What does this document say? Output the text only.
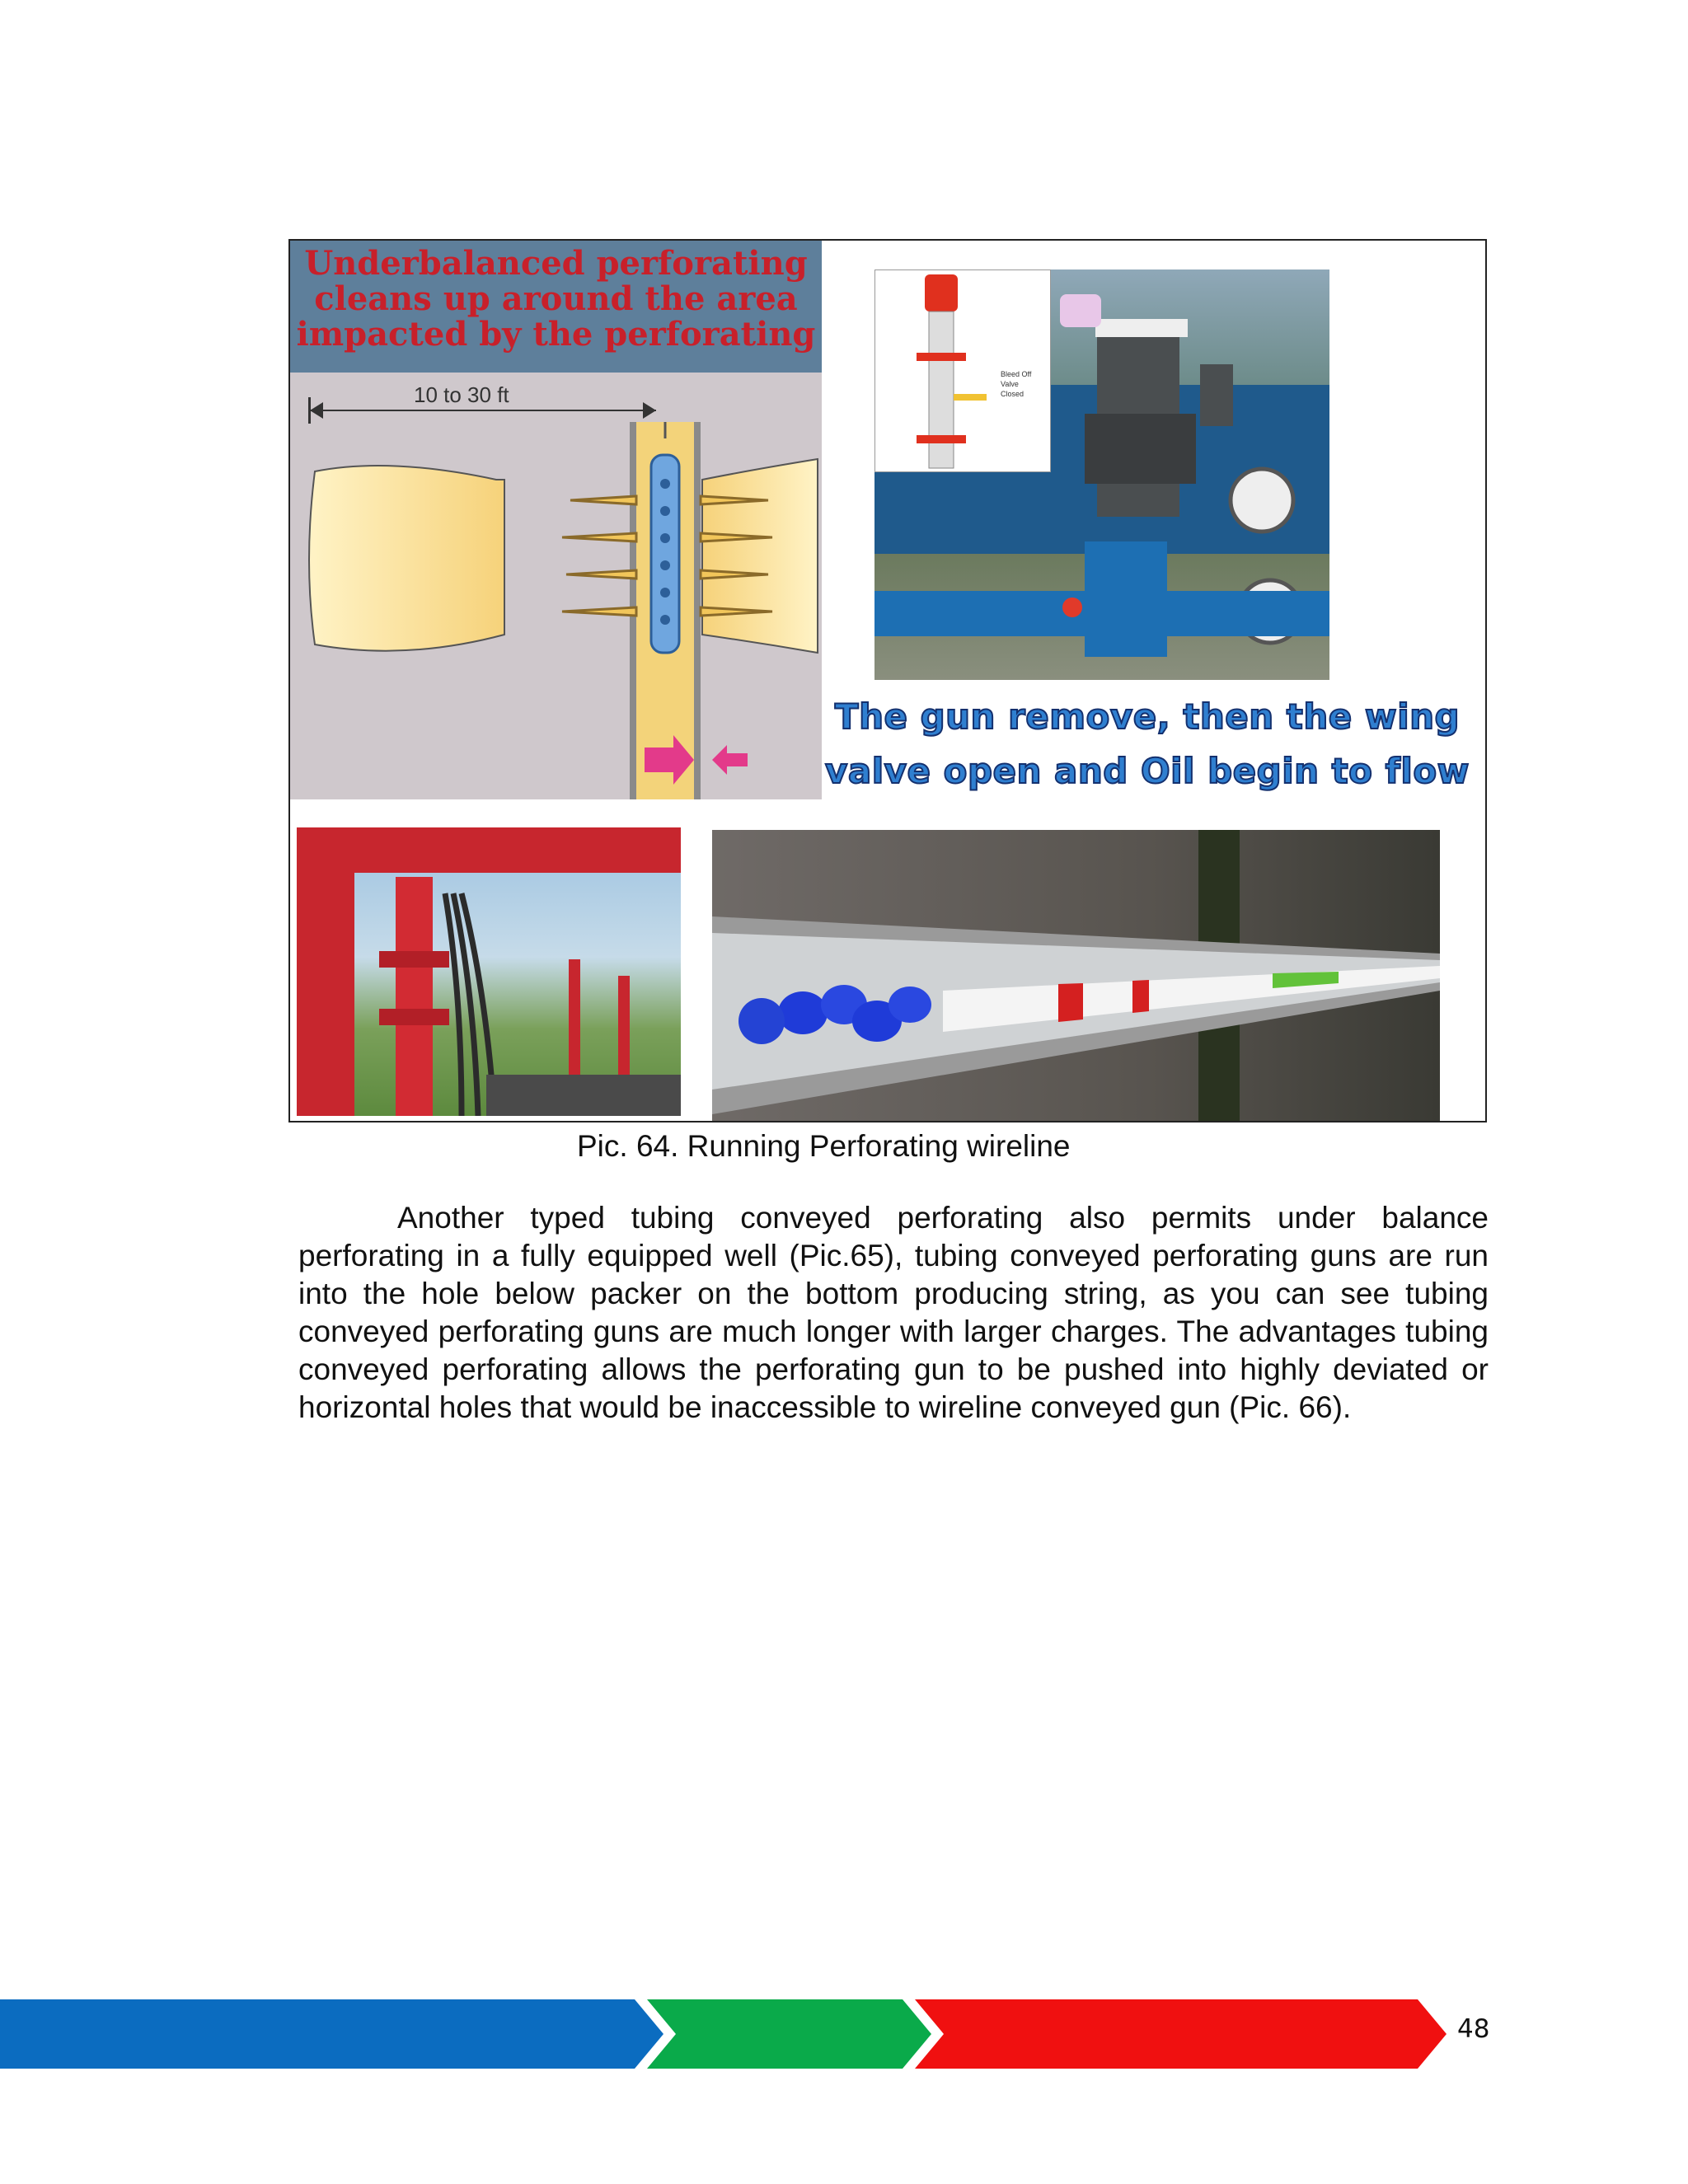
Underbalanced perforating
cleans up around the area
impacted by the perforating
10 to 30 ft
Bleed Off
Valve
Closed
The gun remove, then the wing
valve open and Oil begin to flow
Pic. 64. Running Perforating wireline
Another typed tubing conveyed perforating also permits under balance perforating in a fully equipped well (Pic.65), tubing conveyed perforating guns are run into the hole below packer on the bottom producing string, as you can see tubing conveyed perforating guns are much longer with larger charges. The advantages tubing conveyed perforating allows the perforating gun to be pushed into highly deviated or horizontal holes that would be inaccessible to wireline conveyed gun (Pic. 66).
48
